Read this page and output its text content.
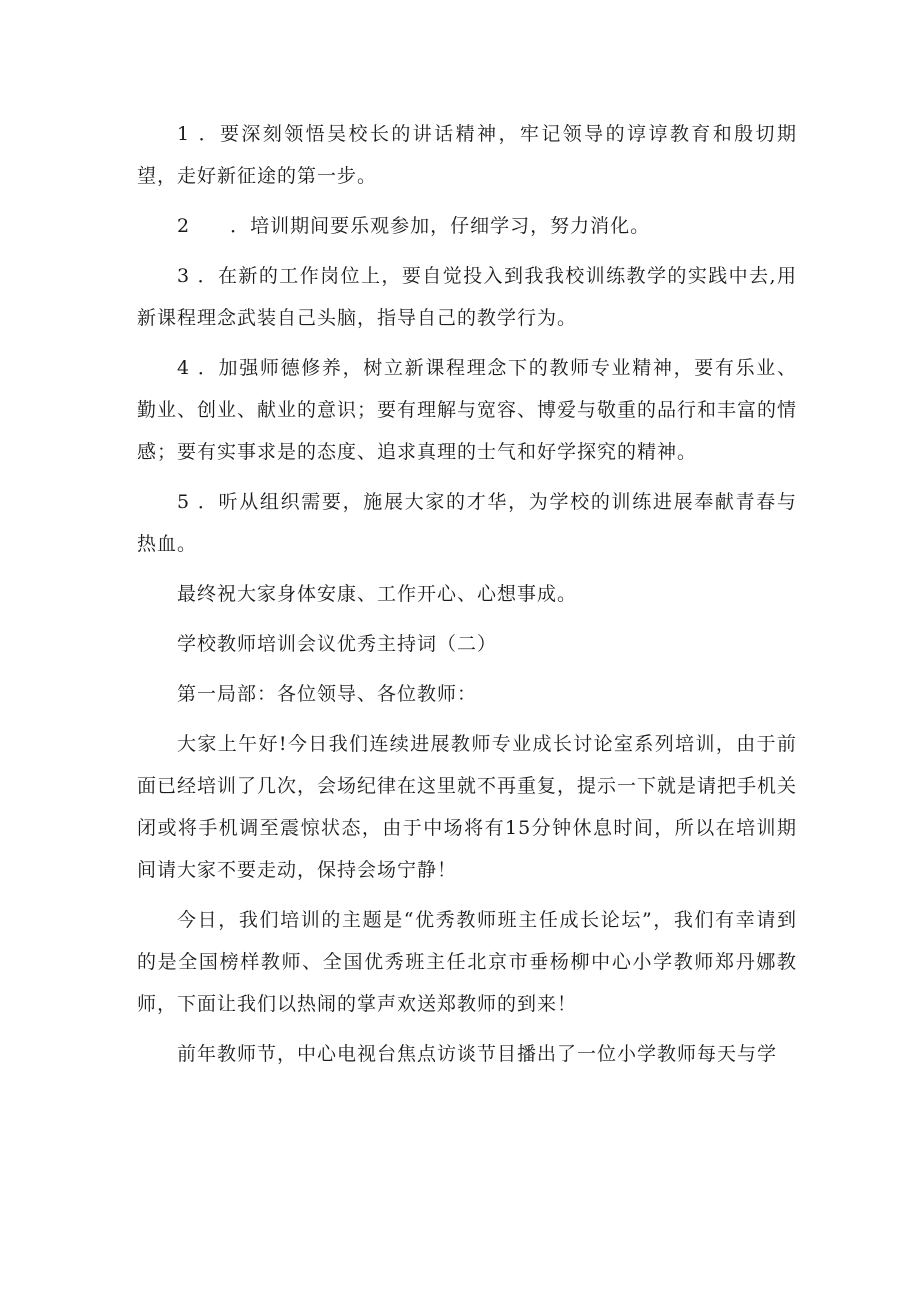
1 ．要深刻领悟吴校长的讲话精神，牢记领导的谆谆教育和殷切期望，走好新征途的第一步。

2 ．培训期间要乐观参加，仔细学习，努力消化。

3 ．在新的工作岗位上，要自觉投入到我我校训练教学的实践中去,用新课程理念武装自己头脑，指导自己的教学行为。

4 ．加强师德修养，树立新课程理念下的教师专业精神，要有乐业、勤业、创业、献业的意识；要有理解与宽容、博爱与敬重的品行和丰富的情感；要有实事求是的态度、追求真理的士气和好学探究的精神。

5 ．听从组织需要，施展大家的才华，为学校的训练进展奉献青春与热血。

最终祝大家身体安康、工作开心、心想事成。

学校教师培训会议优秀主持词（二）

第一局部：各位领导、各位教师：

大家上午好!今日我们连续进展教师专业成长讨论室系列培训，由于前面已经培训了几次，会场纪律在这里就不再重复，提示一下就是请把手机关闭或将手机调至震惊状态，由于中场将有15分钟休息时间，所以在培训期间请大家不要走动，保持会场宁静！

今日，我们培训的主题是“优秀教师班主任成长论坛”，我们有幸请到的是全国榜样教师、全国优秀班主任北京市垂杨柳中心小学教师郑丹娜教师，下面让我们以热闹的掌声欢送郑教师的到来！

前年教师节，中心电视台焦点访谈节目播出了一位小学教师每天与学
